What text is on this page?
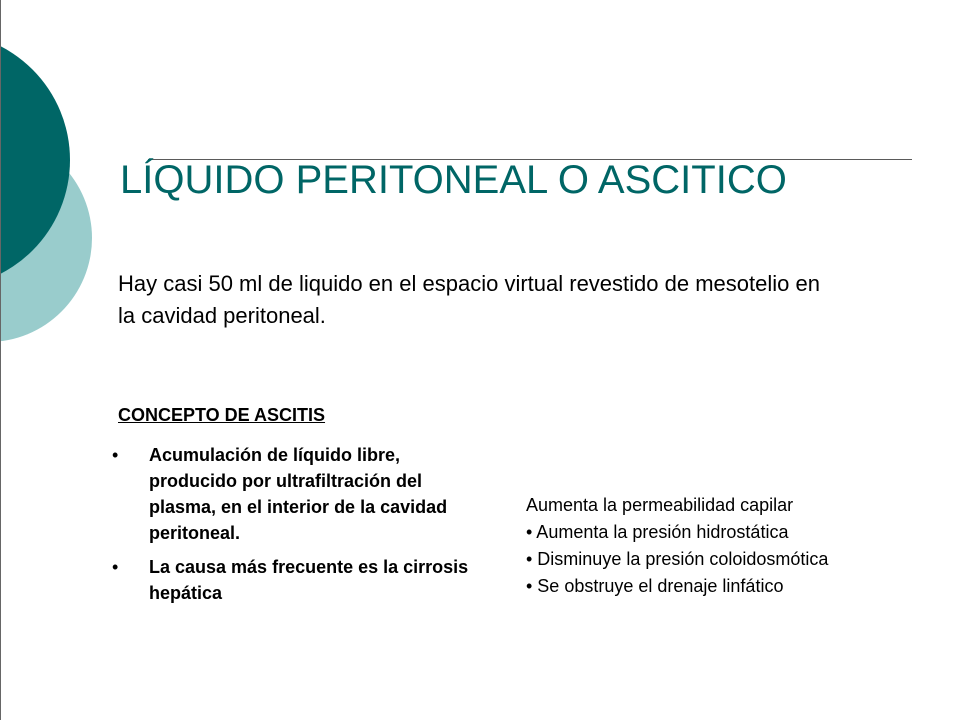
LÍQUIDO PERITONEAL O ASCITICO
Hay casi 50 ml de liquido en el espacio virtual revestido de mesotelio en la cavidad peritoneal.
CONCEPTO DE ASCITIS
• Acumulación de líquido libre, producido por ultrafiltración del plasma, en el interior de la cavidad peritoneal.
• La causa más frecuente es la cirrosis hepática
Aumenta la permeabilidad capilar
• Aumenta la presión hidrostática
• Disminuye la presión coloidosmótica
• Se obstruye el drenaje linfático
